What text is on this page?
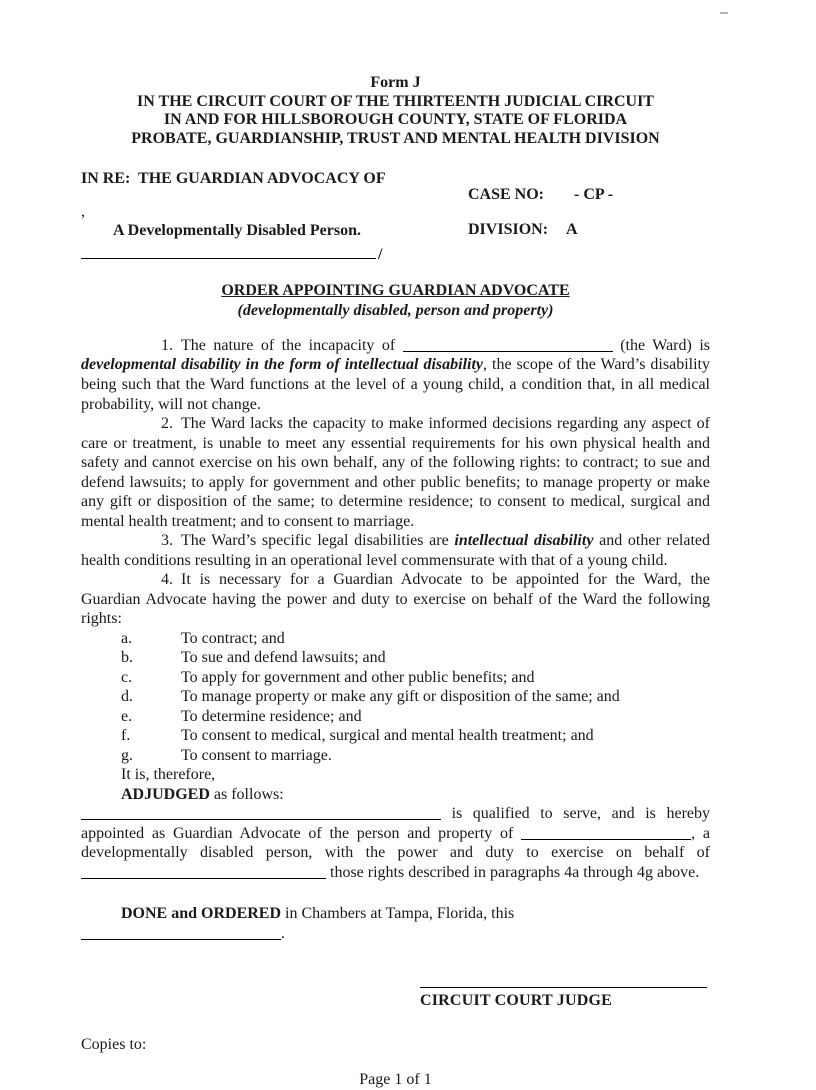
Form J
IN THE CIRCUIT COURT OF THE THIRTEENTH JUDICIAL CIRCUIT
IN AND FOR HILLSBOROUGH COUNTY, STATE OF FLORIDA
PROBATE, GUARDIANSHIP, TRUST AND MENTAL HEALTH DIVISION
IN RE:  THE GUARDIAN ADVOCACY OF
,
A Developmentally Disabled Person.
/
CASE NO: - CP -
DIVISION: A
ORDER APPOINTING GUARDIAN ADVOCATE
(developmentally disabled, person and property)

1. The nature of the incapacity of	(the Ward) is developmental disability in the form of intellectual disability, the scope of the Ward’s disability being such that the Ward functions at the level of a young child, a condition that, in all medical probability, will not change.

2. The Ward lacks the capacity to make informed decisions regarding any aspect of care or treatment, is unable to meet any essential requirements for his own physical health and safety and cannot exercise on his own behalf, any of the following rights: to contract; to sue and defend lawsuits; to apply for government and other public benefits; to manage property or make any gift or disposition of the same; to determine residence; to consent to medical, surgical and mental health treatment; and to consent to marriage.

3. The Ward’s specific legal disabilities are intellectual disability and other related health conditions resulting in an operational level commensurate with that of a young child.

4. It is necessary for a Guardian Advocate to be appointed for the Ward, the Guardian Advocate having the power and duty to exercise on behalf of the Ward the following rights:

a.	To contract; and
b.	To sue and defend lawsuits; and
c.	To apply for government and other public benefits; and
d.	To manage property or make any gift or disposition of the same; and
e.	To determine residence; and
f.	To consent to medical, surgical and mental health treatment; and
g.	To consent to marriage.
It is, therefore,
ADJUDGED as follows:

is qualified to serve, and is hereby appointed as Guardian Advocate of the person and property of	, a developmentally disabled person, with the power and duty to exercise on behalf of those rights described in paragraphs 4a through 4g above.

DONE and ORDERED in Chambers at Tampa, Florida, this .

CIRCUIT COURT JUDGE
Copies to:
Page 1 of 1
